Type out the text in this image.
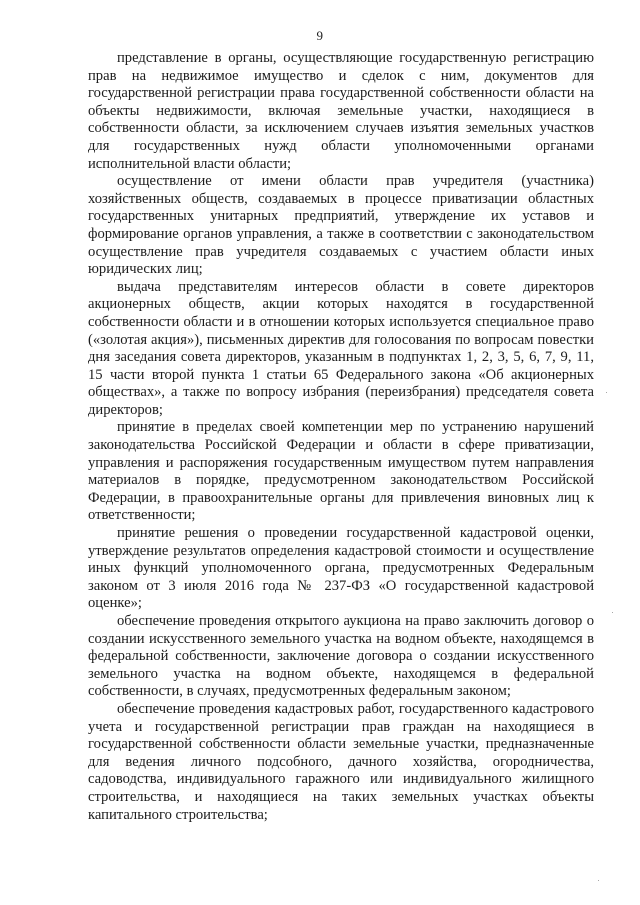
9

представление в органы, осуществляющие государственную регистрацию прав на недвижимое имущество и сделок с ним, документов для государственной регистрации права государственной собственности области на объекты недвижимости, включая земельные участки, находящиеся в собственности области, за исключением случаев изъятия земельных участков для государственных нужд области уполномоченными органами исполнительной власти области;

осуществление от имени области прав учредителя (участника) хозяйственных обществ, создаваемых в процессе приватизации областных государственных унитарных предприятий, утверждение их уставов и формирование органов управления, а также в соответствии с законодательством осуществление прав учредителя создаваемых с участием области иных юридических лиц;

выдача представителям интересов области в совете директоров акционерных обществ, акции которых находятся в государственной собственности области и в отношении которых используется специальное право («золотая акция»), письменных директив для голосования по вопросам повестки дня заседания совета директоров, указанным в подпунктах 1, 2, 3, 5, 6, 7, 9, 11, 15 части второй пункта 1 статьи 65 Федерального закона «Об акционерных обществах», а также по вопросу избрания (переизбрания) председателя совета директоров;

принятие в пределах своей компетенции мер по устранению нарушений законодательства Российской Федерации и области в сфере приватизации, управления и распоряжения государственным имуществом путем направления материалов в порядке, предусмотренном законодательством Российской Федерации, в правоохранительные органы для привлечения виновных лиц к ответственности;

принятие решения о проведении государственной кадастровой оценки, утверждение результатов определения кадастровой стоимости и осуществление иных функций уполномоченного органа, предусмотренных Федеральным законом от 3 июля 2016 года № 237-ФЗ «О государственной кадастровой оценке»;

обеспечение проведения открытого аукциона на право заключить договор о создании искусственного земельного участка на водном объекте, находящемся в федеральной собственности, заключение договора о создании искусственного земельного участка на водном объекте, находящемся в федеральной собственности, в случаях, предусмотренных федеральным законом;

обеспечение проведения кадастровых работ, государственного кадастрового учета и государственной регистрации прав граждан на находящиеся в государственной собственности области земельные участки, предназначенные для ведения личного подсобного, дачного хозяйства, огородничества, садоводства, индивидуального гаражного или индивидуального жилищного строительства, и находящиеся на таких земельных участках объекты капитального строительства;
